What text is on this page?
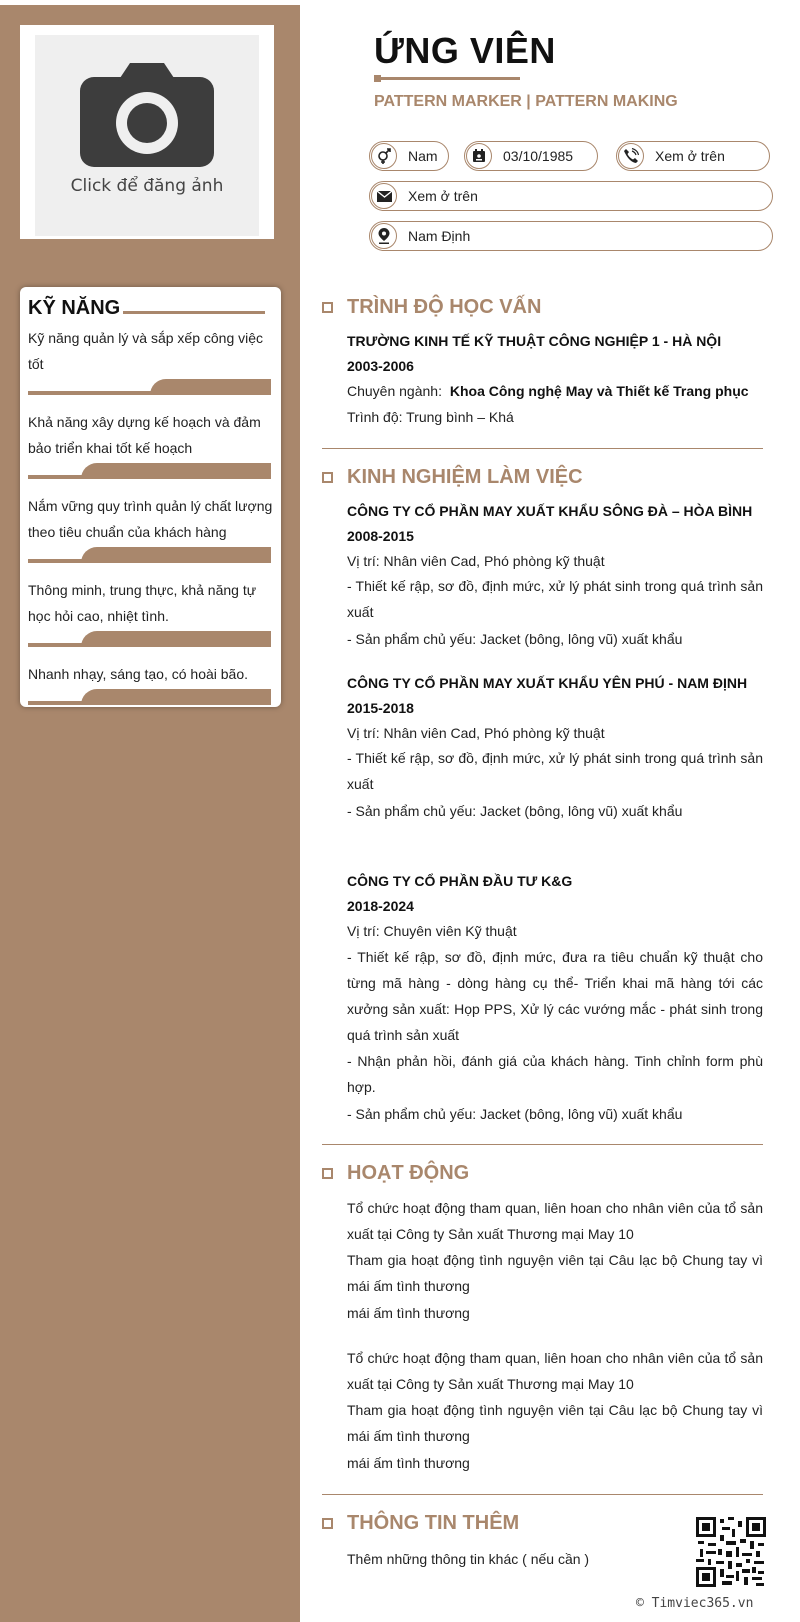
Click để đăng ảnh
KỸ NĂNG
Kỹ năng quản lý và sắp xếp công việc tốt
Khả năng xây dựng kế hoạch và đảm bảo triển khai tốt kế hoạch
Nắm vững quy trình quản lý chất lượng theo tiêu chuẩn của khách hàng
Thông minh, trung thực, khả năng tự học hỏi cao, nhiệt tình.
Nhanh nhạy, sáng tạo, có hoài bão.
ỨNG VIÊN
PATTERN MARKER | PATTERN MAKING
Nam	03/10/1985	Xem ở trên
Xem ở trên
Nam Định
TRÌNH ĐỘ HỌC VẤN
TRƯỜNG KINH TẾ KỸ THUẬT CÔNG NGHIỆP 1 - HÀ NỘI
2003-2006
Chuyên ngành: Khoa Công nghệ May và Thiết kế Trang phục
Trình độ: Trung bình – Khá
KINH NGHIỆM LÀM VIỆC
CÔNG TY CỔ PHẦN MAY XUẤT KHẨU SÔNG ĐÀ – HÒA BÌNH
2008-2015
Vị trí: Nhân viên Cad, Phó phòng kỹ thuật
- Thiết kế rập, sơ đồ, định mức, xử lý phát sinh trong quá trình sản xuất
- Sản phẩm chủ yếu: Jacket (bông, lông vũ) xuất khẩu
CÔNG TY CỔ PHẦN MAY XUẤT KHẨU YÊN PHÚ - NAM ĐỊNH
2015-2018
Vị trí: Nhân viên Cad, Phó phòng kỹ thuật
- Thiết kế rập, sơ đồ, định mức, xử lý phát sinh trong quá trình sản xuất
- Sản phẩm chủ yếu: Jacket (bông, lông vũ) xuất khẩu
CÔNG TY CỔ PHẦN ĐẦU TƯ K&G
2018-2024
Vị trí: Chuyên viên Kỹ thuật
- Thiết kế rập, sơ đồ, định mức, đưa ra tiêu chuẩn kỹ thuật cho từng mã hàng - dòng hàng cụ thể- Triển khai mã hàng tới các xưởng sản xuất: Họp PPS, Xử lý các vướng mắc - phát sinh trong quá trình sản xuất
- Nhận phản hồi, đánh giá của khách hàng. Tinh chỉnh form phù hợp.
- Sản phẩm chủ yếu: Jacket (bông, lông vũ) xuất khẩu
HOẠT ĐỘNG
Tổ chức hoạt động tham quan, liên hoan cho nhân viên của tổ sản xuất tại Công ty Sản xuất Thương mại May 10
Tham gia hoạt động tình nguyện viên tại Câu lạc bộ Chung tay vì mái ấm tình thương
mái ấm tình thương
Tổ chức hoạt động tham quan, liên hoan cho nhân viên của tổ sản xuất tại Công ty Sản xuất Thương mại May 10
Tham gia hoạt động tình nguyện viên tại Câu lạc bộ Chung tay vì mái ấm tình thương
mái ấm tình thương
THÔNG TIN THÊM
Thêm những thông tin khác ( nếu cần )
© Timviec365.vn
